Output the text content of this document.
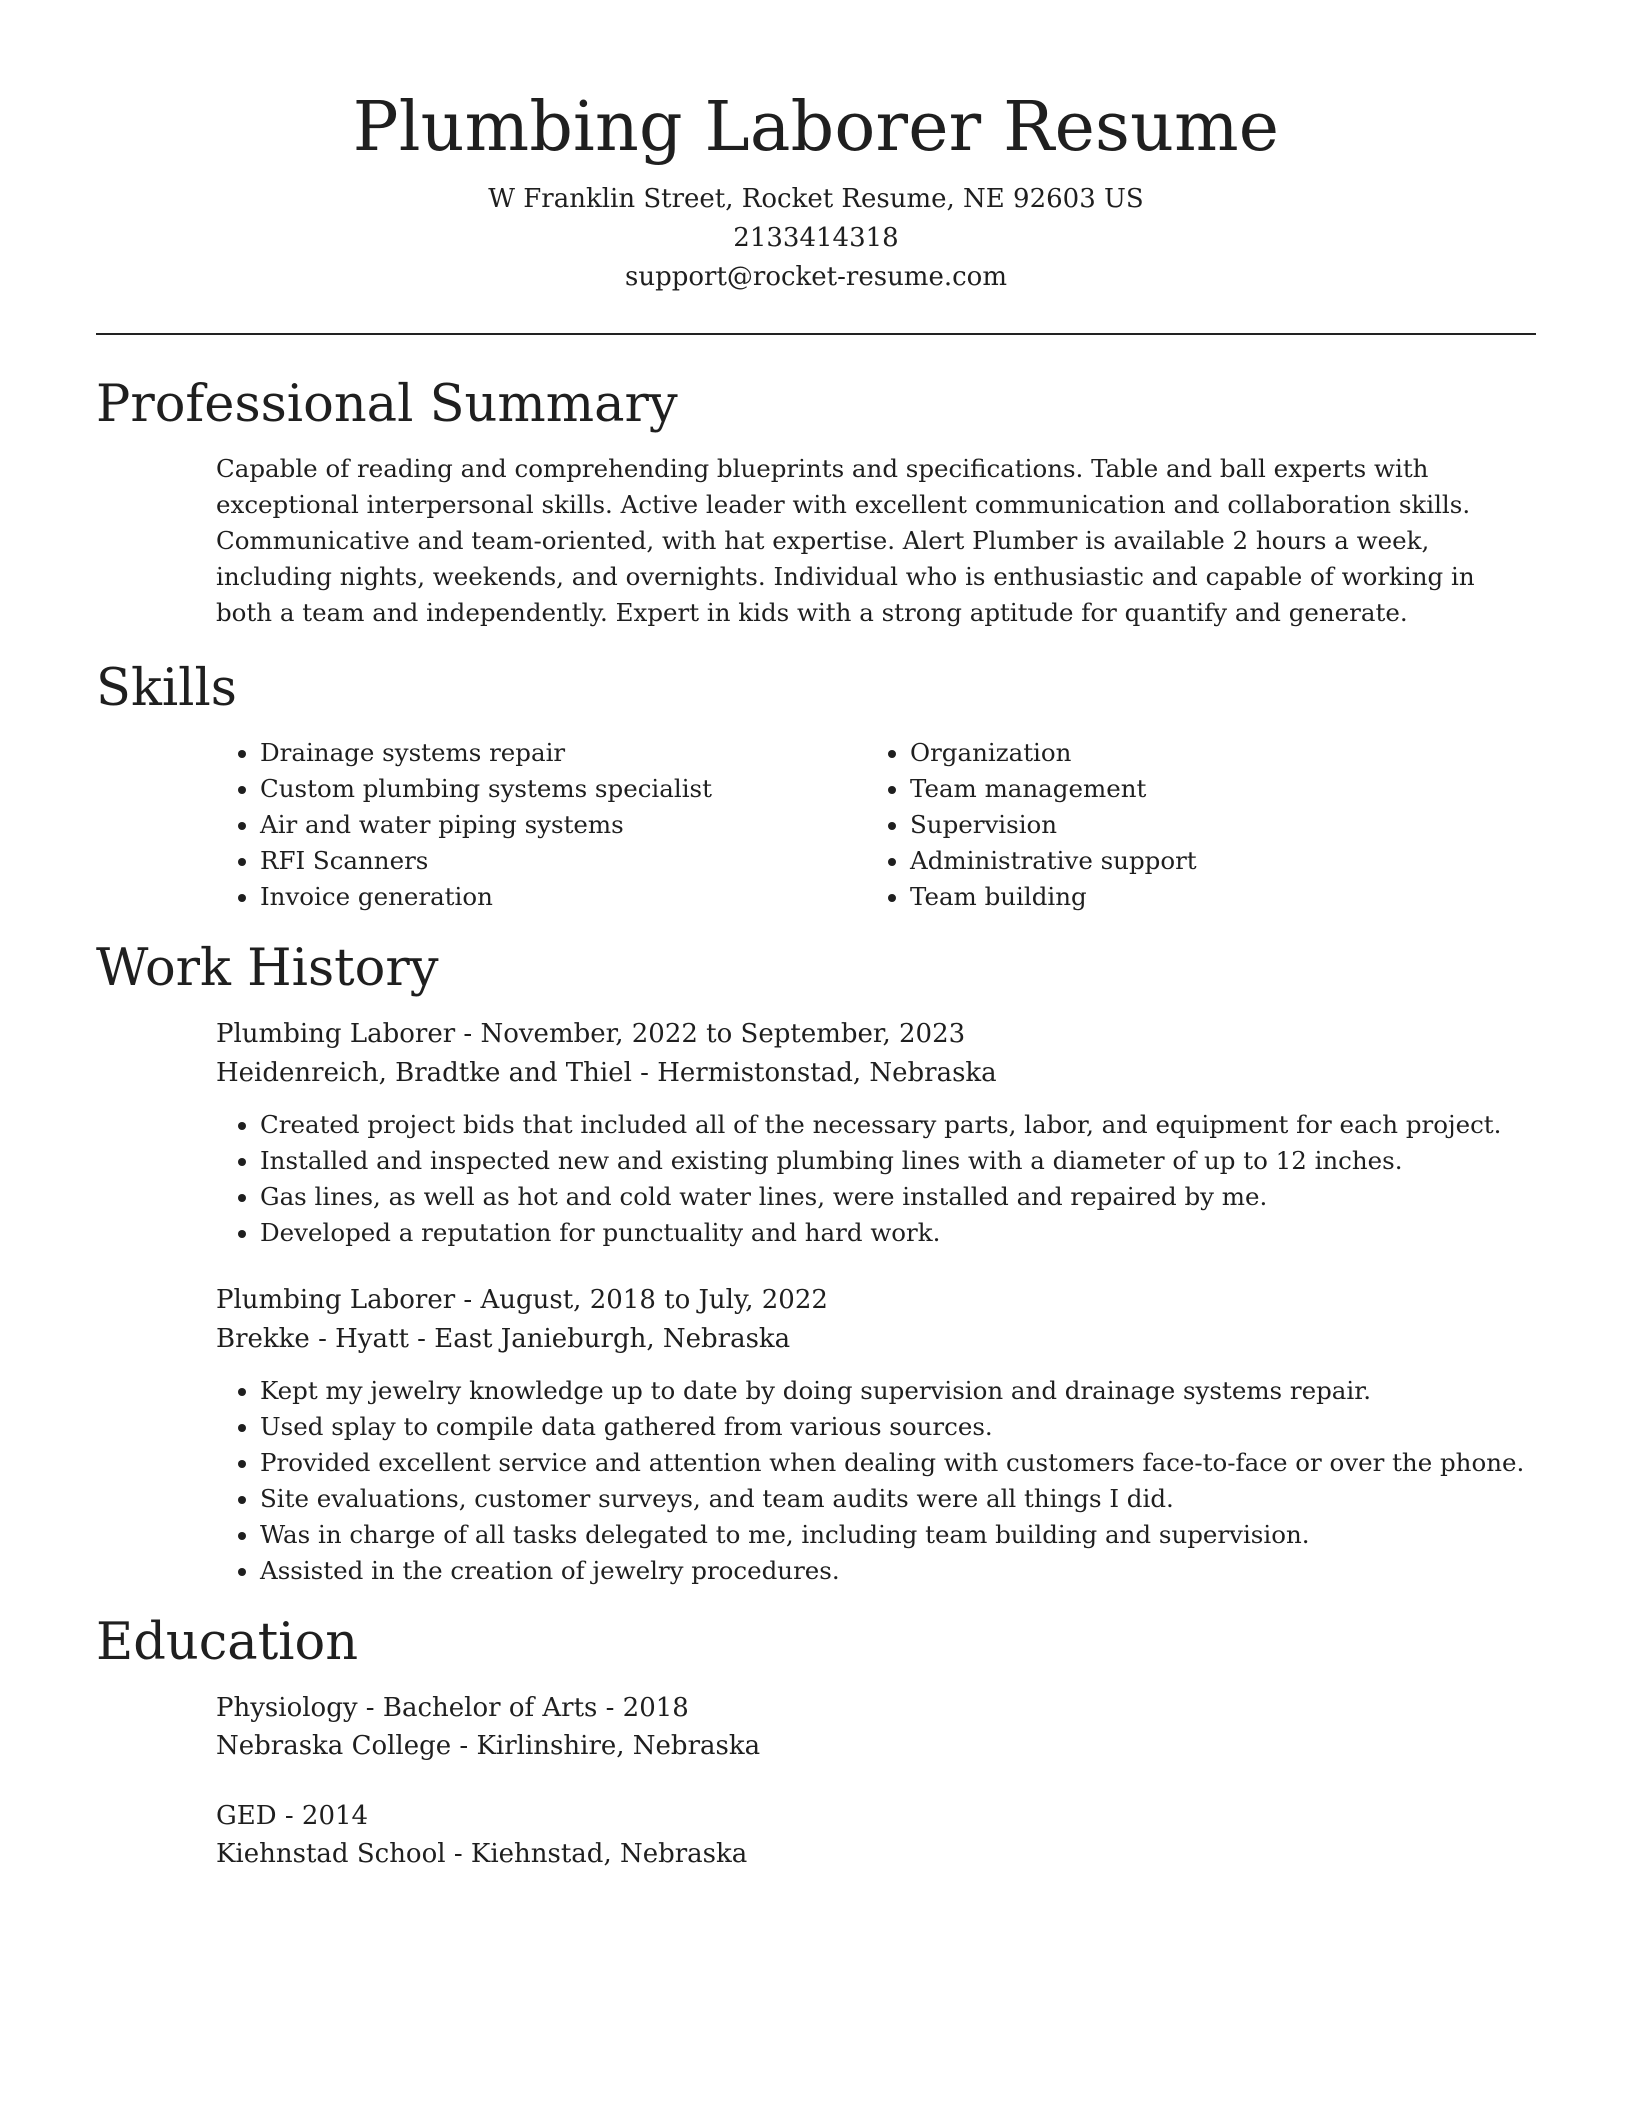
Plumbing Laborer Resume

W Franklin Street, Rocket Resume, NE 92603 US

2133414318

support@rocket-resume.com

Professional Summary

Capable of reading and comprehending blueprints and specifications. Table and ball experts with exceptional interpersonal skills. Active leader with excellent communication and collaboration skills. Communicative and team-oriented, with hat expertise. Alert Plumber is available 2 hours a week, including nights, weekends, and overnights. Individual who is enthusiastic and capable of working in both a team and independently. Expert in kids with a strong aptitude for quantify and generate.

Skills
• Drainage systems repair
• Custom plumbing systems specialist
• Air and water piping systems
• RFI Scanners
• Invoice generation
• Organization
• Team management
• Supervision
• Administrative support
• Team building
Work History

Plumbing Laborer - November, 2022 to September, 2023

Heidenreich, Bradtke and Thiel - Hermistonstad, Nebraska

• Created project bids that included all of the necessary parts, labor, and equipment for each project.
• Installed and inspected new and existing plumbing lines with a diameter of up to 12 inches.
• Gas lines, as well as hot and cold water lines, were installed and repaired by me.
• Developed a reputation for punctuality and hard work.

Plumbing Laborer - August, 2018 to July, 2022

Brekke - Hyatt - East Janieburgh, Nebraska

• Kept my jewelry knowledge up to date by doing supervision and drainage systems repair.
• Used splay to compile data gathered from various sources.
• Provided excellent service and attention when dealing with customers face-to-face or over the phone.
• Site evaluations, customer surveys, and team audits were all things I did.
• Was in charge of all tasks delegated to me, including team building and supervision.
• Assisted in the creation of jewelry procedures.
Education

Physiology - Bachelor of Arts - 2018

Nebraska College - Kirlinshire, Nebraska

GED - 2014

Kiehnstad School - Kiehnstad, Nebraska
